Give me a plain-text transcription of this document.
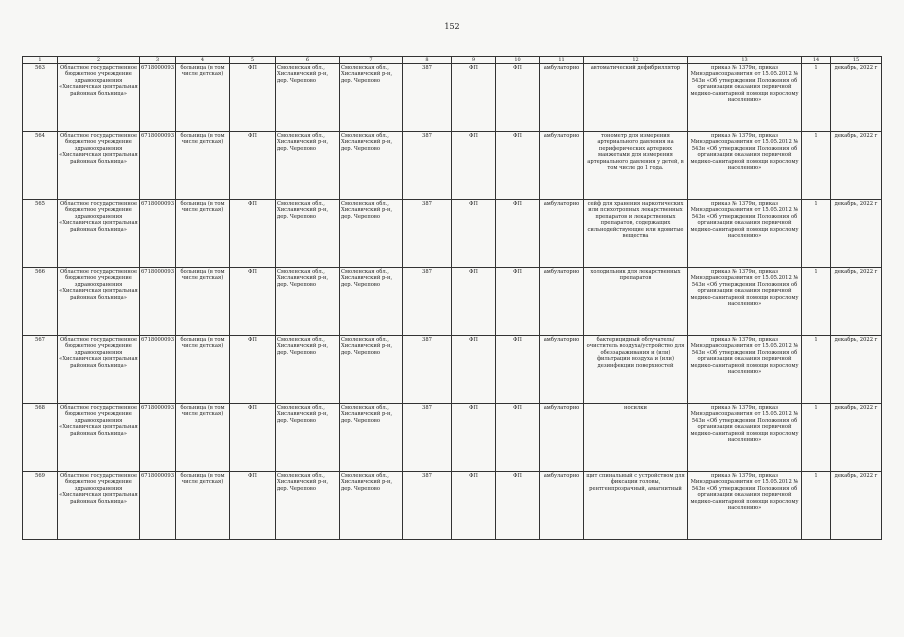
152
1	2	3	4	5	6	7	8	9	10	11	12	13	14	15
563	Областное государственное бюджетное учреждение здравоохранения «Хиславичская центральная районная больница»	6718000093	больница (в том числе детская)	ФП	Смоленская обл., Хиславичский р-н, дер. Черепово	Смоленская обл., Хиславичский р-н, дер. Черепово	387	ФП	ФП	амбулаторно	автоматический дефибриллятор	приказ № 1379н, приказ Минздравсоцразвития от 15.05.2012 № 543н «Об утверждении Положения об организации оказания первичной медико-санитарной помощи взрослому населению»	1	декабрь, 2022 г
564	Областное государственное бюджетное учреждение здравоохранения «Хиславичская центральная районная больница»	6718000093	больница (в том числе детская)	ФП	Смоленская обл., Хиславичский р-н, дер. Черепово	Смоленская обл., Хиславичский р-н, дер. Черепово	387	ФП	ФП	амбулаторно	тонометр для измерения артериального давления на периферических артериях манжетами для измерения артериального давления у детей, в том числе до 1 года.	приказ № 1379н, приказ Минздравсоцразвития от 15.05.2012 № 543н «Об утверждении Положения об организации оказания первичной медико-санитарной помощи взрослому населению»	1	декабрь, 2022 г
565	Областное государственное бюджетное учреждение здравоохранения «Хиславичская центральная районная больница»	6718000093	больница (в том числе детская)	ФП	Смоленская обл., Хиславичский р-н, дер. Черепово	Смоленская обл., Хиславичский р-н, дер. Черепово	387	ФП	ФП	амбулаторно	сейф для хранения наркотических или психотропных лекарственных препаратов и лекарственных препаратов, содержащих сильнодействующие или ядовитые вещества	приказ № 1379н, приказ Минздравсоцразвития от 15.05.2012 № 543н «Об утверждении Положения об организации оказания первичной медико-санитарной помощи взрослому населению»	1	декабрь, 2022 г
566	Областное государственное бюджетное учреждение здравоохранения «Хиславичская центральная районная больница»	6718000093	больница (в том числе детская)	ФП	Смоленская обл., Хиславичский р-н, дер. Черепово	Смоленская обл., Хиславичский р-н, дер. Черепово	387	ФП	ФП	амбулаторно	холодильник для лекарственных препаратов	приказ № 1379н, приказ Минздравсоцразвития от 15.05.2012 № 543н «Об утверждении Положения об организации оказания первичной медико-санитарной помощи взрослому населению»	1	декабрь, 2022 г
567	Областное государственное бюджетное учреждение здравоохранения «Хиславичская центральная районная больница»	6718000093	больница (в том числе детская)	ФП	Смоленская обл., Хиславичский р-н, дер. Черепово	Смоленская обл., Хиславичский р-н, дер. Черепово	387	ФП	ФП	амбулаторно	бактерицидный облучатель/очиститель воздуха/устройство для обеззараживания и (или) фильтрации воздуха и (или) дезинфекции поверхностей	приказ № 1379н, приказ Минздравсоцразвития от 15.05.2012 № 543н «Об утверждении Положения об организации оказания первичной медико-санитарной помощи взрослому населению»	1	декабрь, 2022 г
568	Областное государственное бюджетное учреждение здравоохранения «Хиславичская центральная районная больница»	6718000093	больница (в том числе детская)	ФП	Смоленская обл., Хиславичский р-н, дер. Черепово	Смоленская обл., Хиславичский р-н, дер. Черепово	387	ФП	ФП	амбулаторно	носилки	приказ № 1379н, приказ Минздравсоцразвития от 15.05.2012 № 543н «Об утверждении Положения об организации оказания первичной медико-санитарной помощи взрослому населению»	1	декабрь, 2022 г
569	Областное государственное бюджетное учреждение здравоохранения «Хиславичская центральная районная больница»	6718000093	больница (в том числе детская)	ФП	Смоленская обл., Хиславичский р-н, дер. Черепово	Смоленская обл., Хиславичский р-н, дер. Черепово	387	ФП	ФП	амбулаторно	щит спинальный с устройством для фиксации головы, рентгенпрозрачный, амагнитный	приказ № 1379н, приказ Минздравсоцразвития от 15.05.2012 № 543н «Об утверждении Положения об организации оказания первичной медико-санитарной помощи взрослому населению»	1	декабрь, 2022 г
